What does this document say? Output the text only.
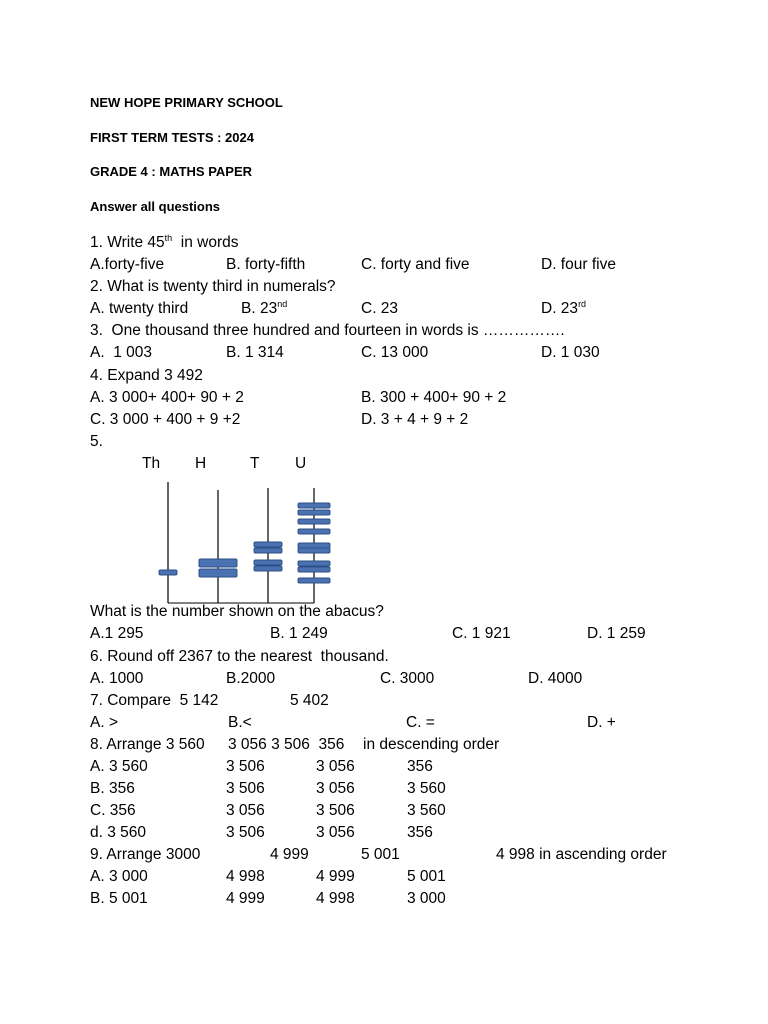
NEW HOPE PRIMARY SCHOOL
FIRST TERM TESTS : 2024
GRADE 4 : MATHS PAPER
Answer all questions
1. Write 45th  in words
A.forty-five	B. forty-fifth	C. forty and five	D. four five
2. What is twenty third in numerals?
A. twenty third	B. 23nd	C. 23	D. 23rd
3.  One thousand three hundred and fourteen in words is …………….
A.  1 003	B. 1 314	C. 13 000	D. 1 030
4. Expand 3 492
A. 3 000+ 400+ 90 + 2	B. 300 + 400+ 90 + 2
C. 3 000 + 400 + 9 +2	D. 3 + 4 + 9 + 2
5.
Th H	T U
What is the number shown on the abacus?
A.1 295	B. 1 249	C. 1 921	D. 1 259
6. Round off 2367 to the nearest  thousand.
A. 1000	B.2000	C. 3000	D. 4000
7. Compare  5 142	5 402
A. >	B.<	C. =	D. +
8. Arrange 3 560 3 056 3 506  356 in descending order
A. 3 560	3 506	3 056	356
B. 356	3 506	3 056	3 560
C. 356	3 056	3 506	3 560
d. 3 560	3 506	3 056	356
9. Arrange 3000	4 999	5 001	4 998 in ascending order
A. 3 000	4 998	4 999	5 001
B. 5 001	4 999	4 998	3 000
